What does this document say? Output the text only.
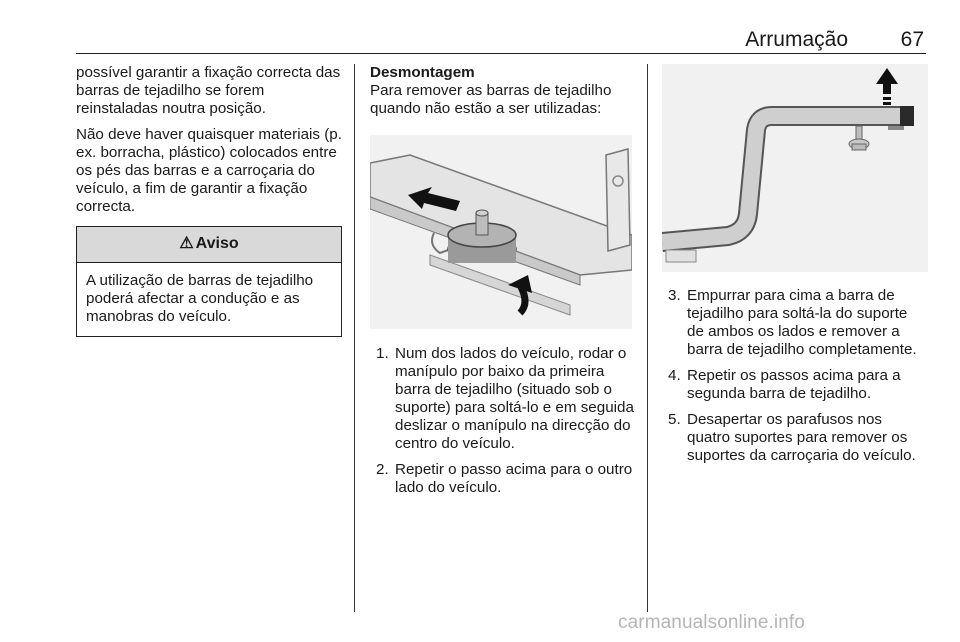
Arrumação	67

possível garantir a fixação correcta das barras de tejadilho se forem reinstaladas noutra posição.

Não deve haver quaisquer materiais (p. ex. borracha, plástico) colocados entre os pés das barras e a carroçaria do veículo, a fim de garantir a fixação correcta.

⚠ Aviso
A utilização de barras de tejadilho poderá afectar a condução e as manobras do veículo.
Desmontagem
Para remover as barras de tejadilho quando não estão a ser utilizadas:
1. Num dos lados do veículo, rodar o manípulo por baixo da primeira barra de tejadilho (situado sob o suporte) para soltá-lo e em seguida deslizar o manípulo na direcção do centro do veículo.
2. Repetir o passo acima para o outro lado do veículo.
3. Empurrar para cima a barra de tejadilho para soltá-la do suporte de ambos os lados e remover a barra de tejadilho completamente.
4. Repetir os passos acima para a segunda barra de tejadilho.
5. Desapertar os parafusos nos quatro suportes para remover os suportes da carroçaria do veículo.
carmanualsonline.info
